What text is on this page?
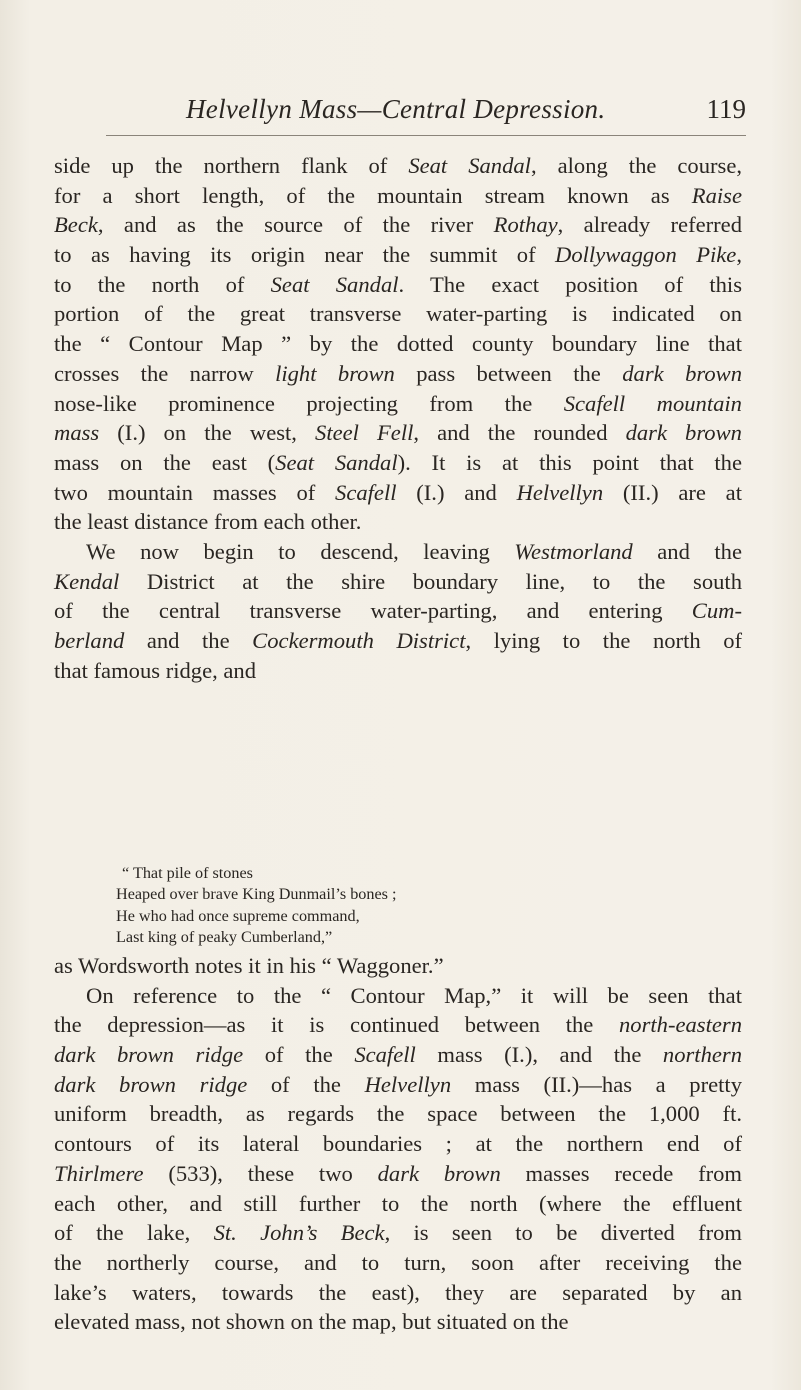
Helvellyn Mass—Central Depression.	119
side up the northern flank of Seat Sandal, along the course,
for a short length, of the mountain stream known as Raise
Beck, and as the source of the river Rothay, already referred
to as having its origin near the summit of Dollywaggon Pike,
to the north of Seat Sandal. The exact position of this
portion of the great transverse water-parting is indicated on
the “ Contour Map ” by the dotted county boundary line that
crosses the narrow light brown pass between the dark brown
nose-like prominence projecting from the Scafell mountain
mass (I.) on the west, Steel Fell, and the rounded dark brown
mass on the east (Seat Sandal). It is at this point that the
two mountain masses of Scafell (I.) and Helvellyn (II.) are at
the least distance from each other.
We now begin to descend, leaving Westmorland and the
Kendal District at the shire boundary line, to the south
of the central transverse water-parting, and entering Cum-
berland and the Cockermouth District, lying to the north of
that famous ridge, and
“ That pile of stones
Heaped over brave King Dunmail’s bones ;
He who had once supreme command,
Last king of peaky Cumberland,”
as Wordsworth notes it in his “ Waggoner.”
On reference to the “ Contour Map,” it will be seen that
the depression—as it is continued between the north-eastern
dark brown ridge of the Scafell mass (I.), and the northern
dark brown ridge of the Helvellyn mass (II.)—has a pretty
uniform breadth, as regards the space between the 1,000 ft.
contours of its lateral boundaries ; at the northern end of
Thirlmere (533), these two dark brown masses recede from
each other, and still further to the north (where the effluent
of the lake, St. John’s Beck, is seen to be diverted from
the northerly course, and to turn, soon after receiving the
lake’s waters, towards the east), they are separated by an
elevated mass, not shown on the map, but situated on the
